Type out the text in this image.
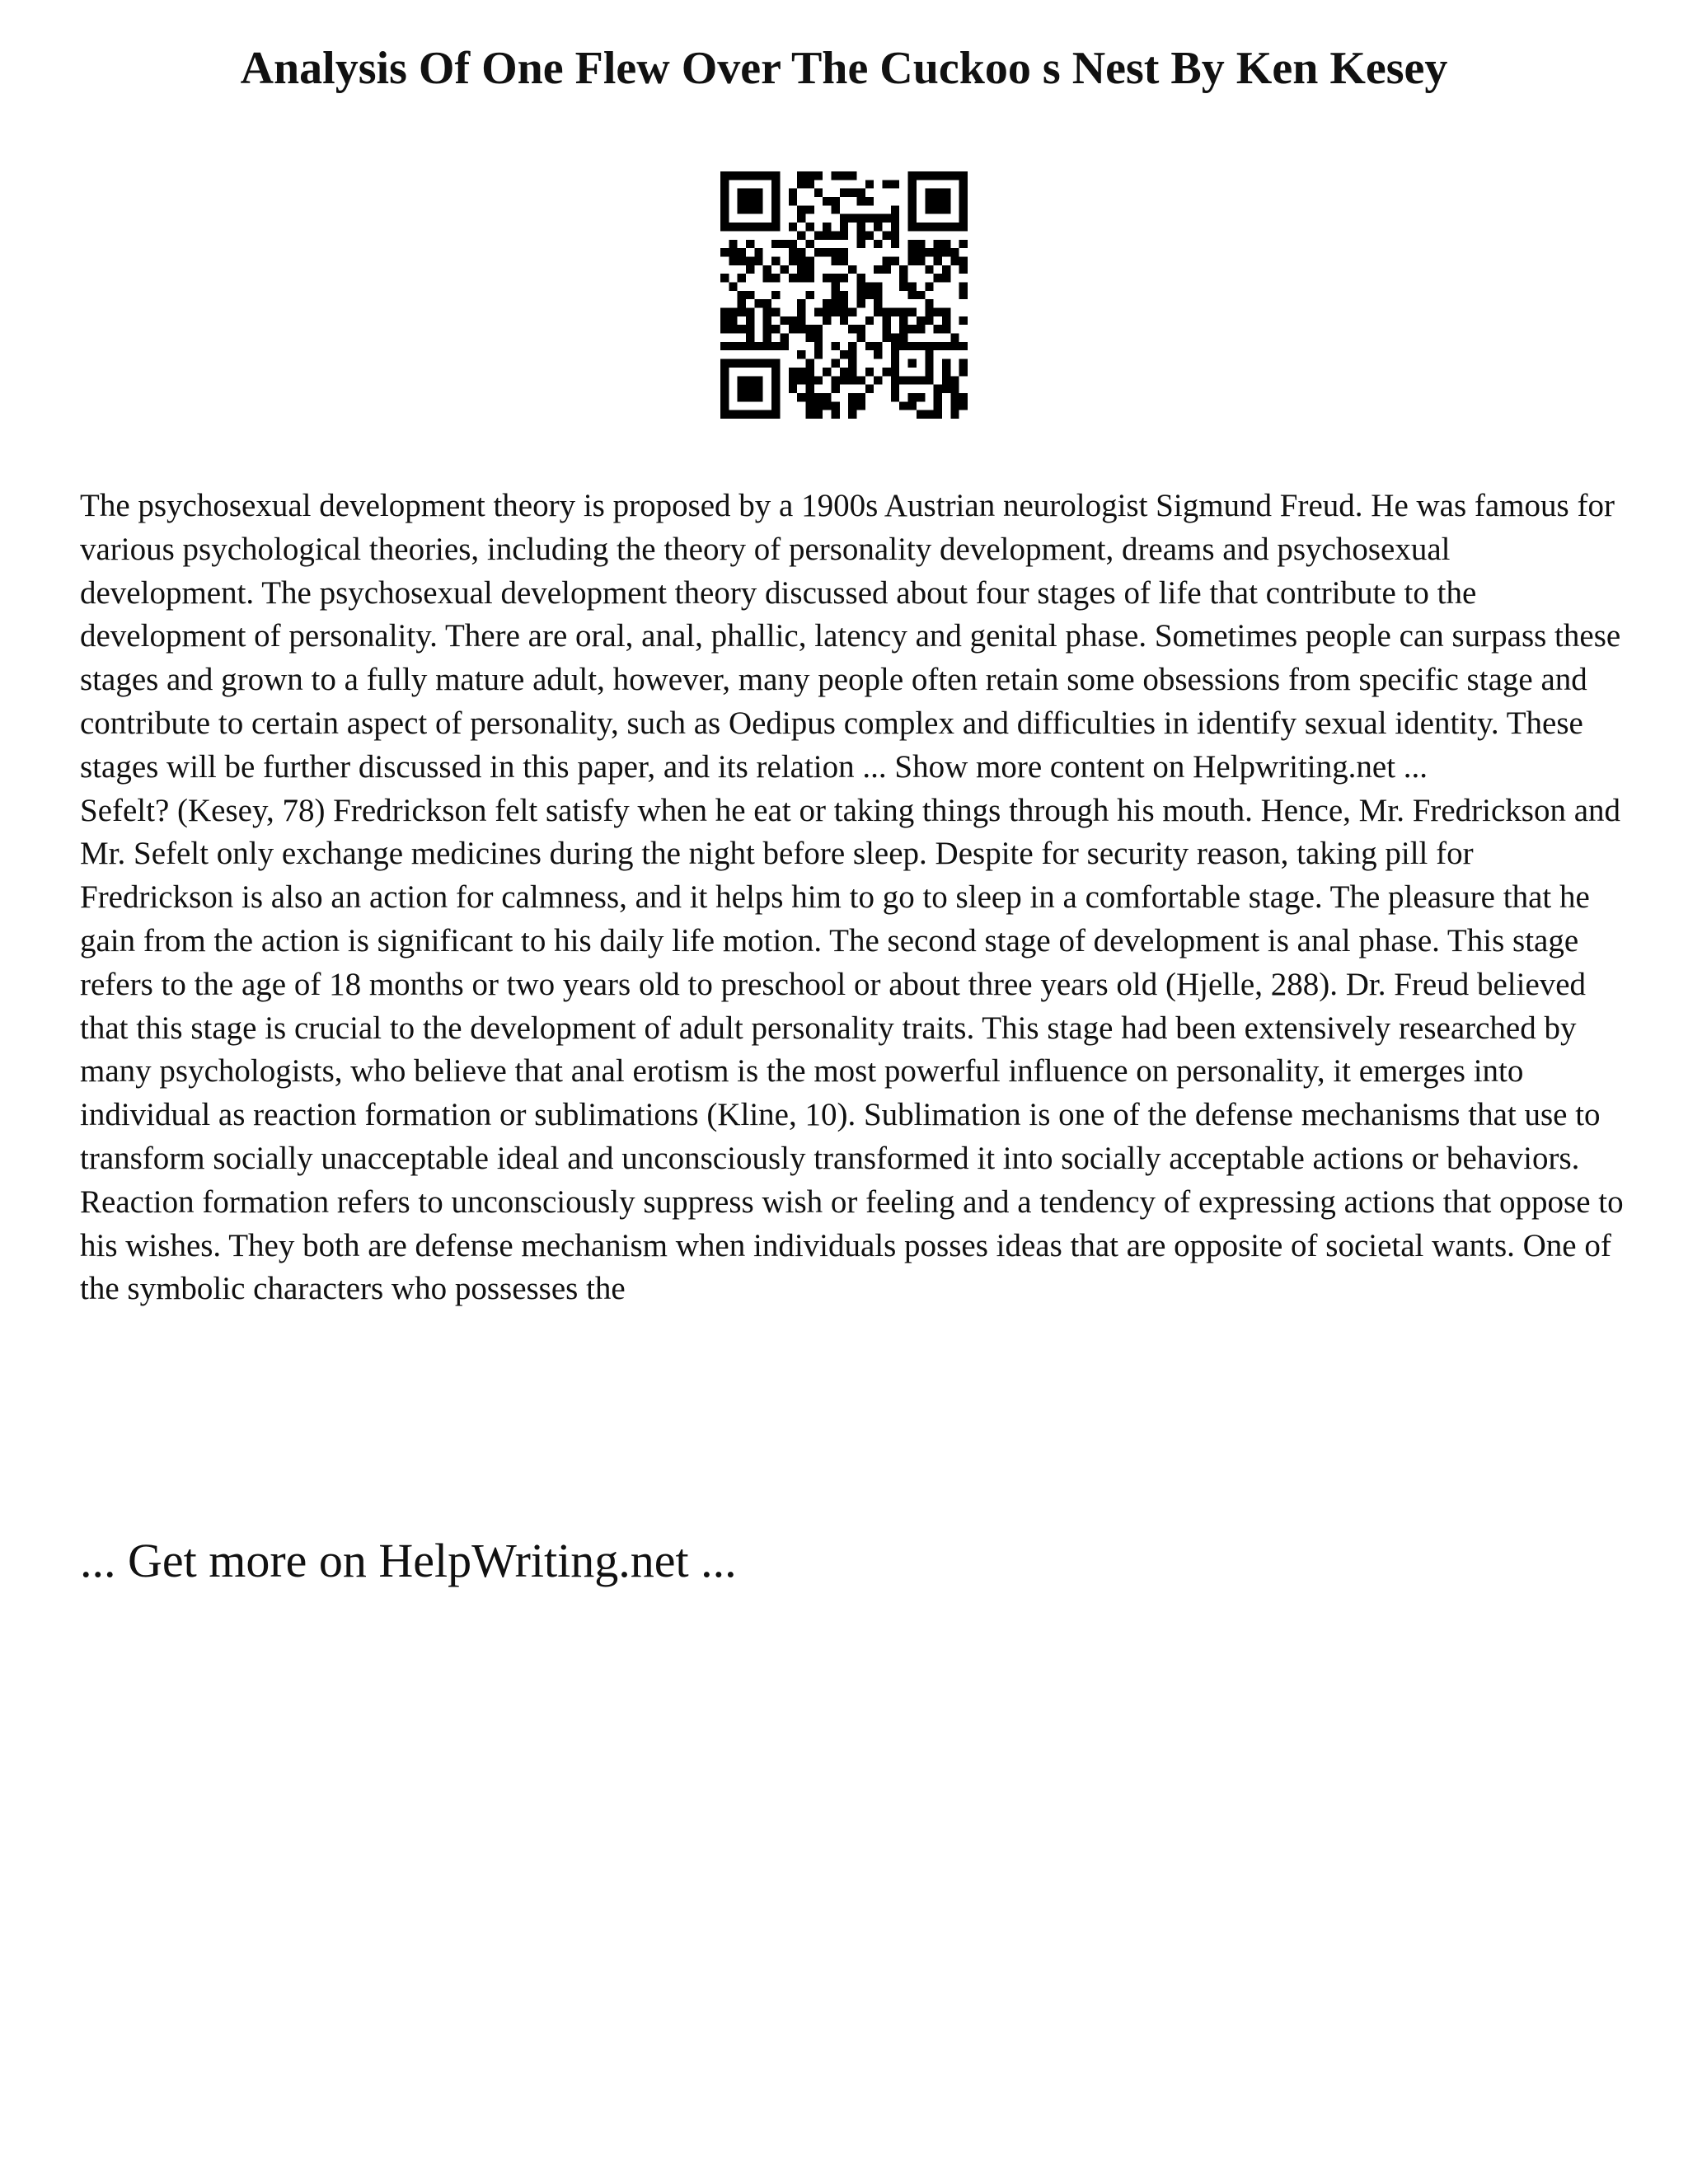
Analysis Of One Flew Over The Cuckoo s Nest By Ken Kesey

The psychosexual development theory is proposed by a 1900s Austrian neurologist Sigmund Freud. He was famous for various psychological theories, including the theory of personality development, dreams and psychosexual development. The psychosexual development theory discussed about four stages of life that contribute to the development of personality. There are oral, anal, phallic, latency and genital phase. Sometimes people can surpass these stages and grown to a fully mature adult, however, many people often retain some obsessions from specific stage and contribute to certain aspect of personality, such as Oedipus complex and difficulties in identify sexual identity. These stages will be further discussed in this paper, and its relation ... Show more content on Helpwriting.net ...

Sefelt? (Kesey, 78) Fredrickson felt satisfy when he eat or taking things through his mouth. Hence, Mr. Fredrickson and Mr. Sefelt only exchange medicines during the night before sleep. Despite for security reason, taking pill for Fredrickson is also an action for calmness, and it helps him to go to sleep in a comfortable stage. The pleasure that he gain from the action is significant to his daily life motion. The second stage of development is anal phase. This stage refers to the age of 18 months or two years old to preschool or about three years old (Hjelle, 288). Dr. Freud believed that this stage is crucial to the development of adult personality traits. This stage had been extensively researched by many psychologists, who believe that anal erotism is the most powerful influence on personality, it emerges into individual as reaction formation or sublimations (Kline, 10). Sublimation is one of the defense mechanisms that use to transform socially unacceptable ideal and unconsciously transformed it into socially acceptable actions or behaviors. Reaction formation refers to unconsciously suppress wish or feeling and a tendency of expressing actions that oppose to his wishes. They both are defense mechanism when individuals posses ideas that are opposite of societal wants. One of the symbolic characters who possesses the

... Get more on HelpWriting.net ...
